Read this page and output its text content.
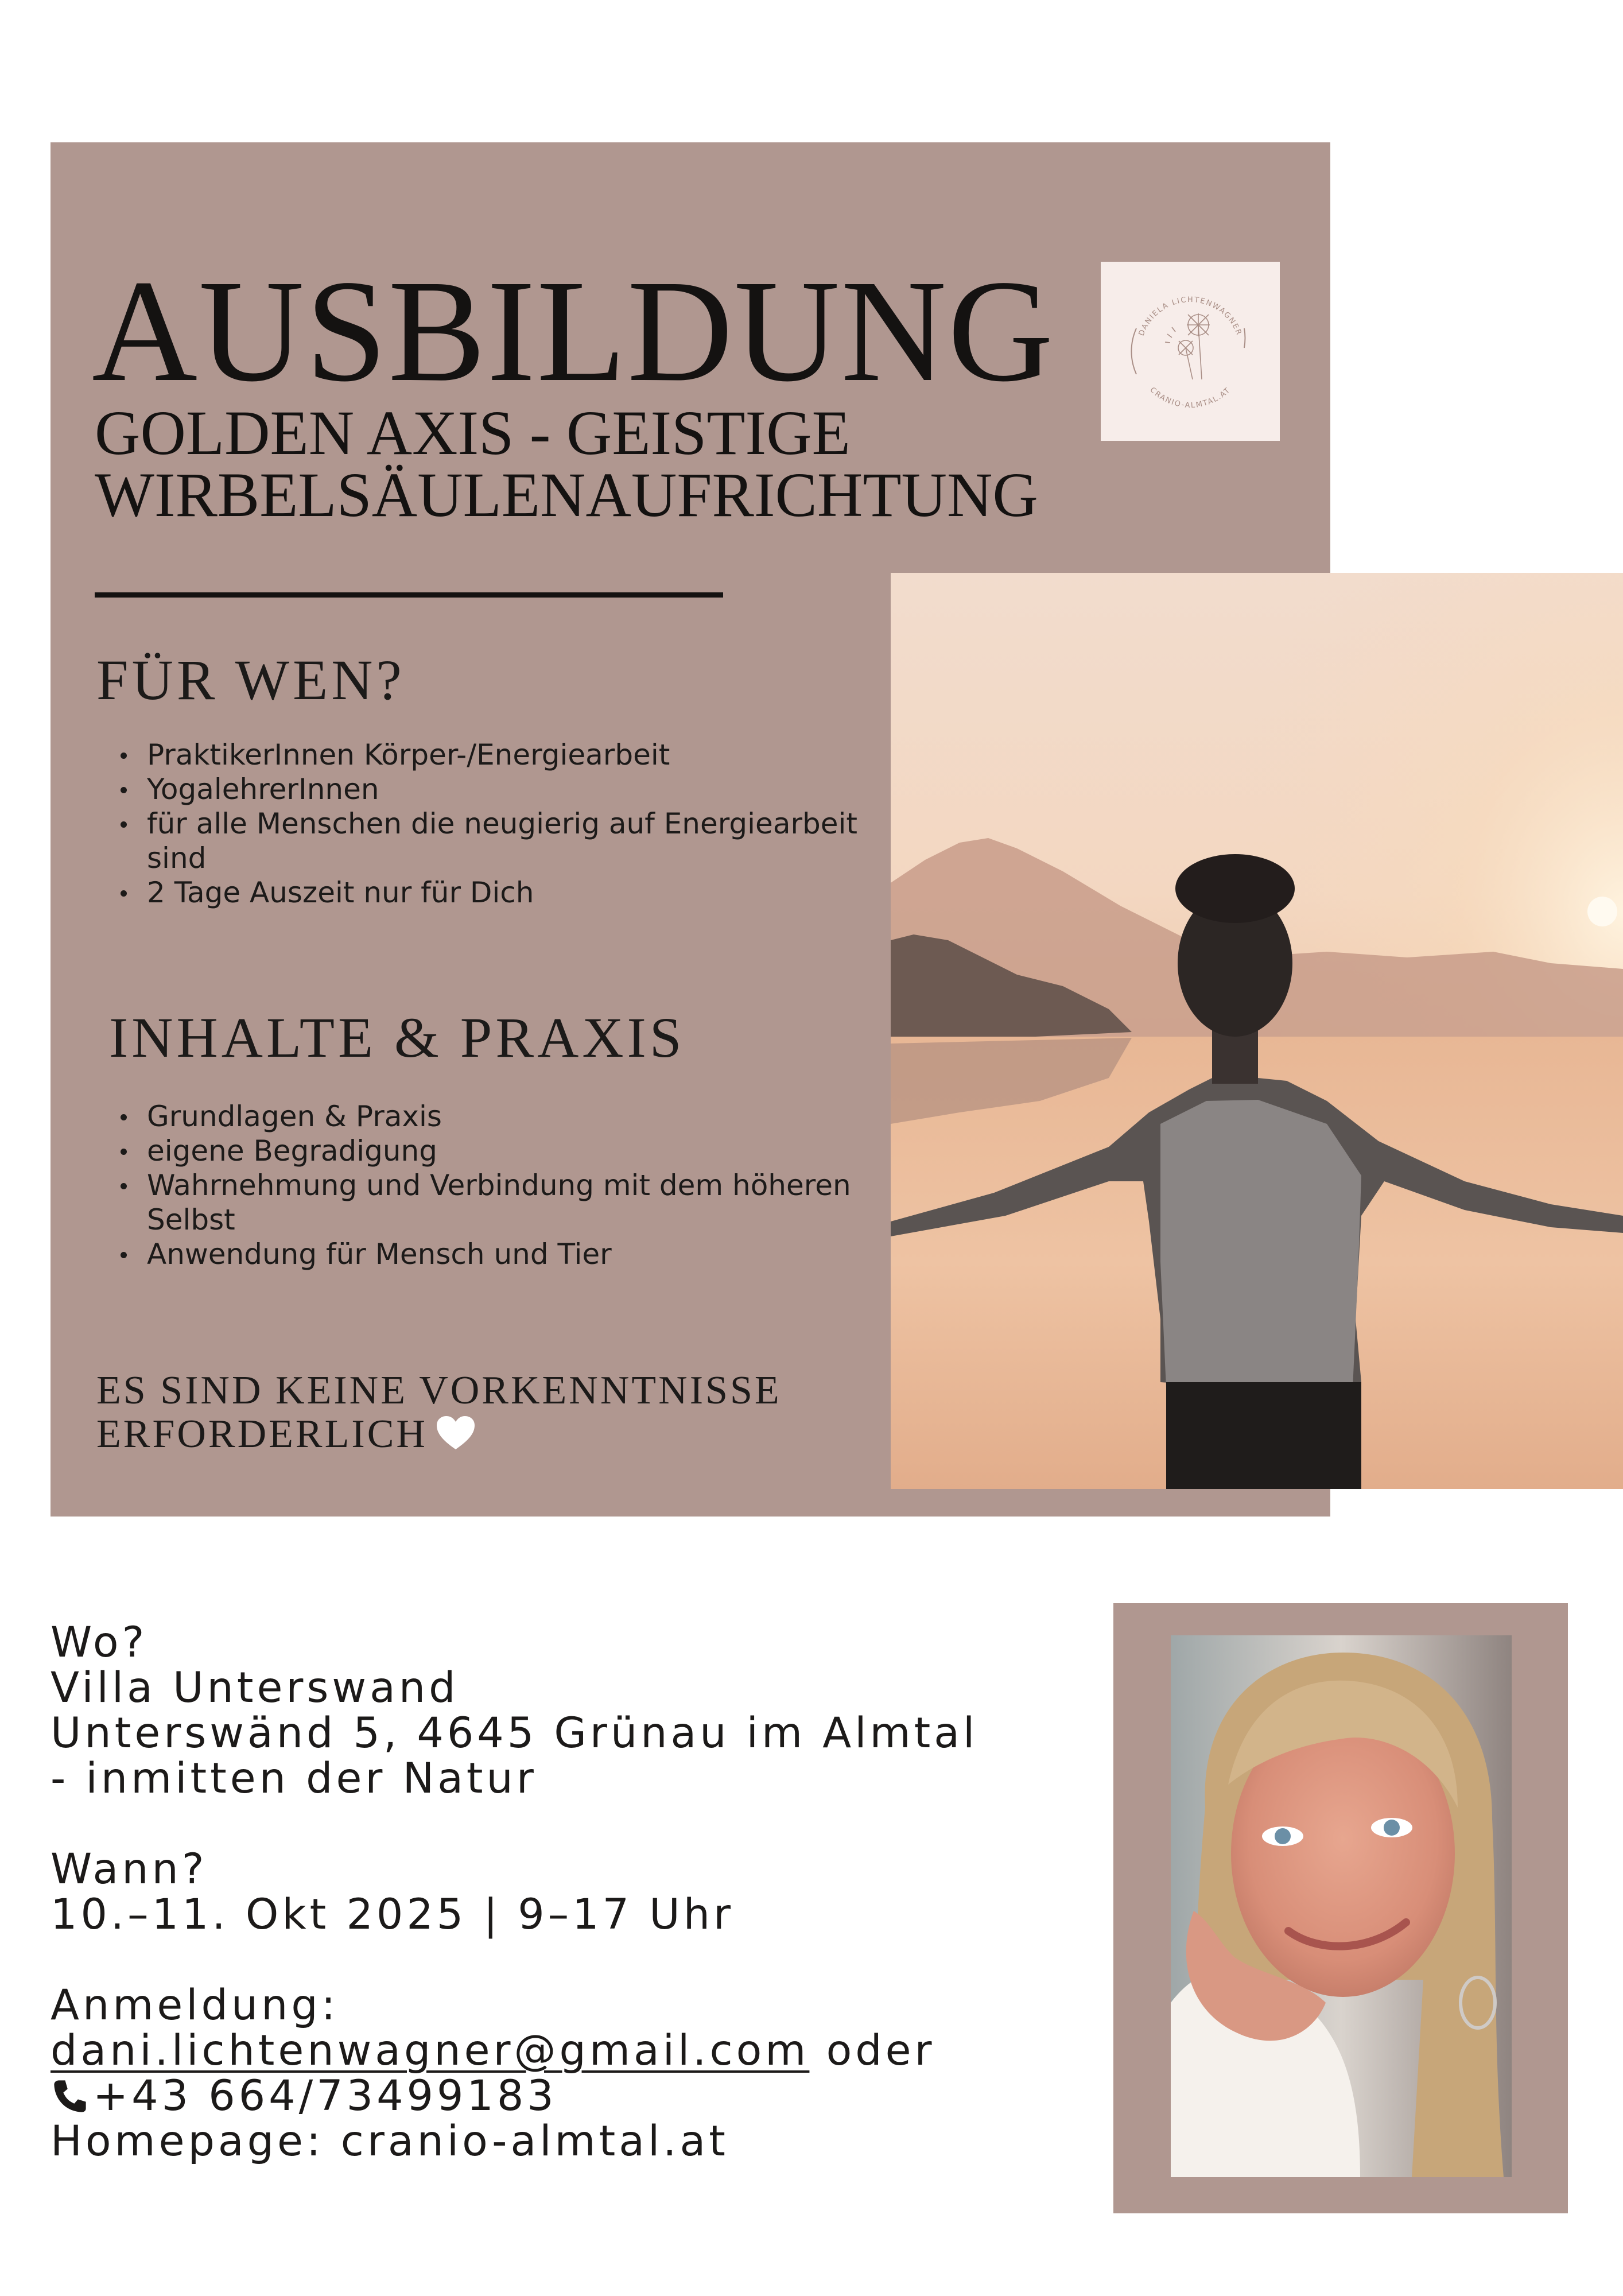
AUSBILDUNG
GOLDEN AXIS - GEISTIGE
WIRBELSÄULENAUFRICHTUNG
DANIELA LICHTENWAGNER
CRANIO-ALMTAL.AT
FÜR WEN?
PraktikerInnen Körper-/Energiearbeit
YogalehrerInnen
für alle Menschen die neugierig auf Energiearbeit sind
2 Tage Auszeit nur für Dich
INHALTE & PRAXIS
Grundlagen & Praxis
eigene Begradigung
Wahrnehmung und Verbindung mit dem höheren Selbst
Anwendung für Mensch und Tier

ES SIND KEINE VORKENNTNISSE
ERFORDERLICH

Wo?
Villa Unterswand
Unterswänd 5, 4645 Grünau im Almtal
- inmitten der Natur
Wann?
10.–11. Okt 2025 | 9–17 Uhr
Anmeldung:
dani.lichtenwagner@gmail.com oder
+43 664/73499183
Homepage: cranio-almtal.at
